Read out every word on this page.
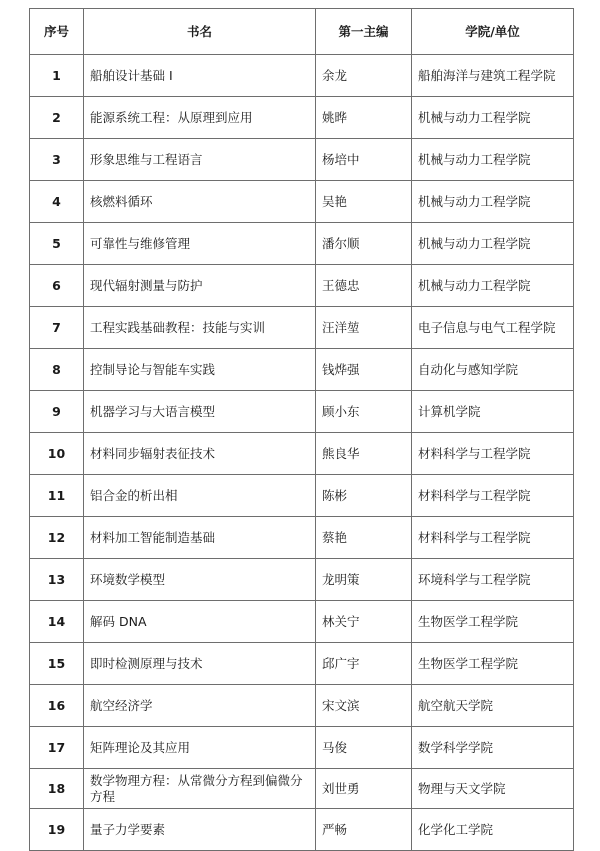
序号	书名	第一主编	学院/单位
1	船舶设计基础 I	余龙	船舶海洋与建筑工程学院
2	能源系统工程：从原理到应用	姚晔	机械与动力工程学院
3	形象思维与工程语言	杨培中	机械与动力工程学院
4	核燃料循环	吴艳	机械与动力工程学院
5	可靠性与维修管理	潘尔顺	机械与动力工程学院
6	现代辐射测量与防护	王德忠	机械与动力工程学院
7	工程实践基础教程：技能与实训	汪洋堃	电子信息与电气工程学院
8	控制导论与智能车实践	钱烨强	自动化与感知学院
9	机器学习与大语言模型	顾小东	计算机学院
10	材料同步辐射表征技术	熊良华	材料科学与工程学院
11	铝合金的析出相	陈彬	材料科学与工程学院
12	材料加工智能制造基础	蔡艳	材料科学与工程学院
13	环境数学模型	龙明策	环境科学与工程学院
14	解码 DNA	林关宁	生物医学工程学院
15	即时检测原理与技术	邱广宇	生物医学工程学院
16	航空经济学	宋文滨	航空航天学院
17	矩阵理论及其应用	马俊	数学科学学院
18	数学物理方程：从常微分方程到偏微分方程	刘世勇	物理与天文学院
19	量子力学要素	严畅	化学化工学院
